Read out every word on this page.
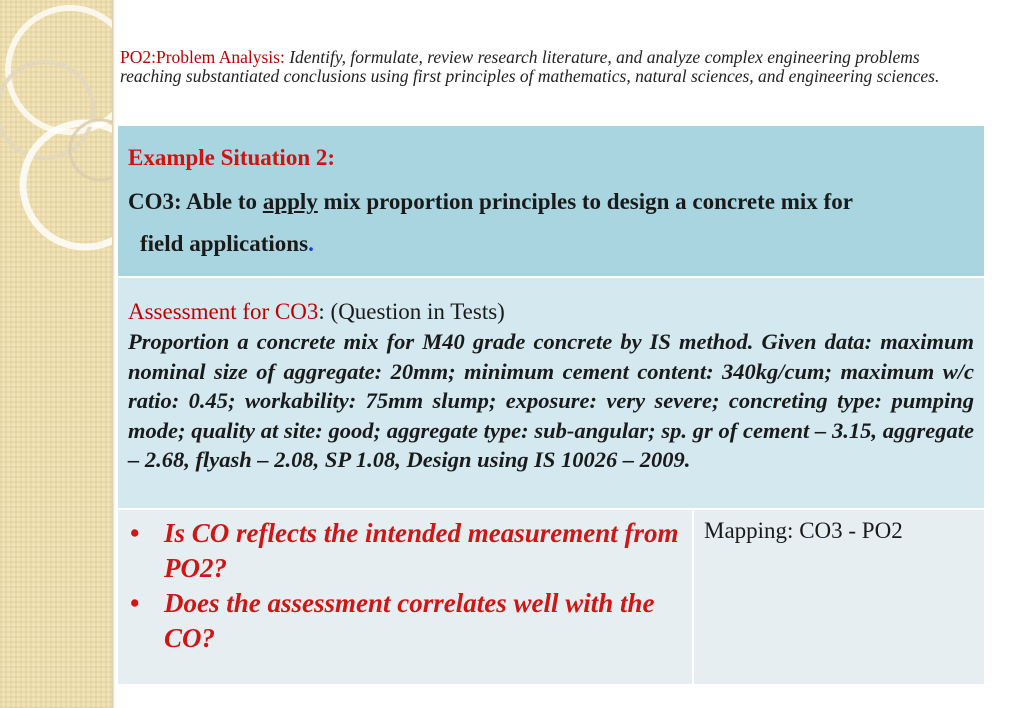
PO2:Problem Analysis: Identify, formulate, review research literature, and analyze complex engineering problems reaching substantiated conclusions using first principles of mathematics, natural sciences, and engineering sciences.
Example Situation 2:
CO3: Able to apply mix proportion principles to design a concrete mix for
field applications.
Assessment for CO3: (Question in Tests)
Proportion a concrete mix for M40 grade concrete by IS method. Given data: maximum nominal size of aggregate: 20mm; minimum cement content: 340kg/cum; maximum w/c ratio: 0.45; workability: 75mm slump; exposure: very severe; concreting type: pumping mode; quality at site: good; aggregate type: sub-angular; sp. gr of cement – 3.15, aggregate – 2.68, flyash – 2.08, SP 1.08, Design using IS 10026 – 2009.
• Is CO reflects the intended measurement from PO2?
• Does the assessment correlates well with the CO?
Mapping: CO3 - PO2
